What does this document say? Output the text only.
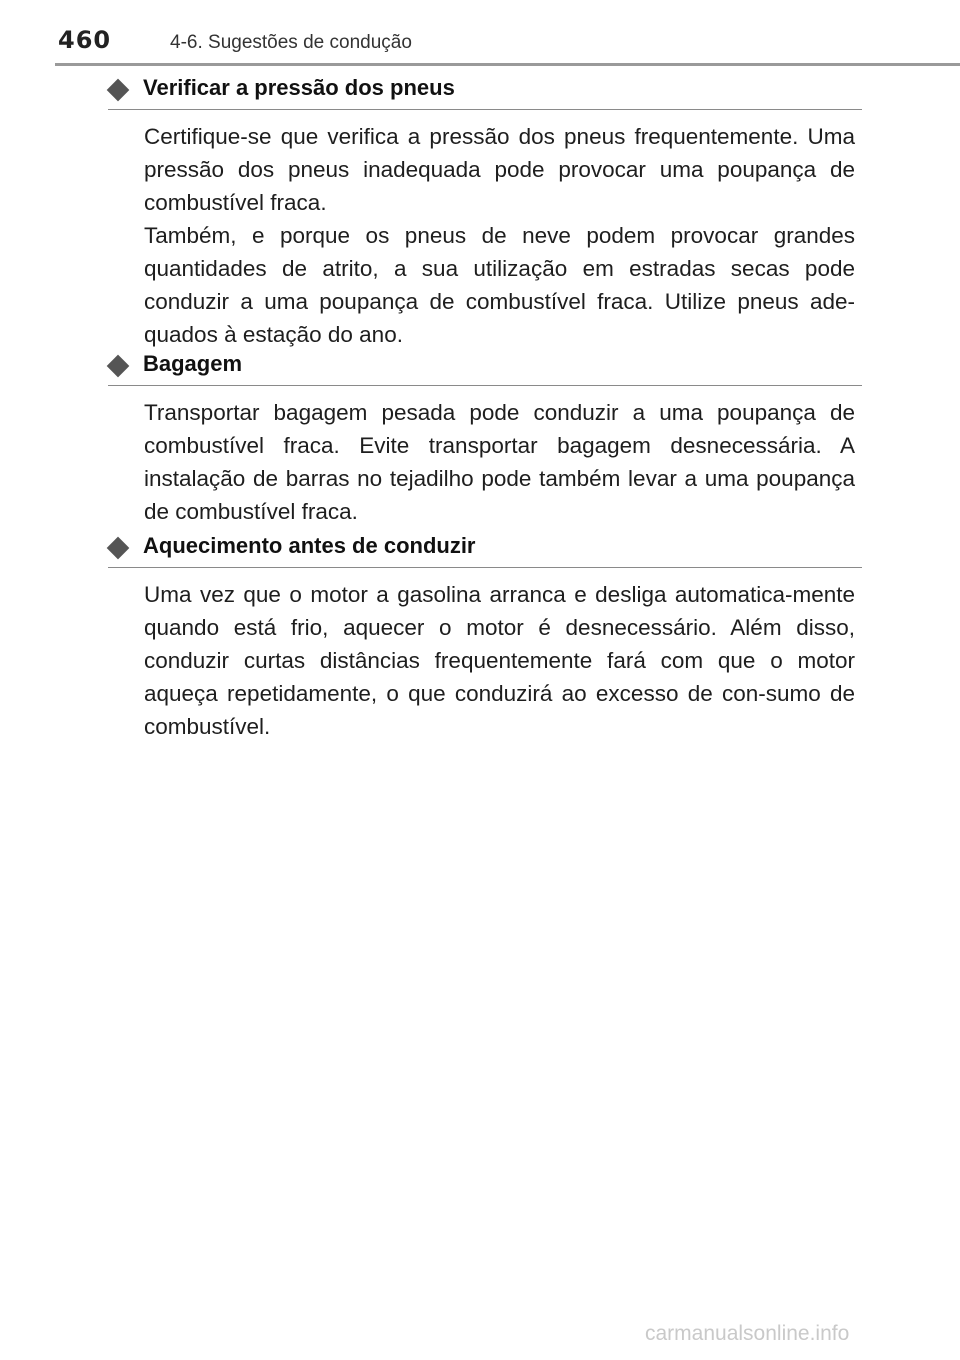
460	4-6. Sugestões de condução
Verificar a pressão dos pneus

Certifique-se que verifica a pressão dos pneus frequentemente. Uma pressão dos pneus inadequada pode provocar uma poupança de combustível fraca.

Também, e porque os pneus de neve podem provocar grandes quantidades de atrito, a sua utilização em estradas secas pode conduzir a uma poupança de combustível fraca. Utilize pneus ade-quados à estação do ano.

Bagagem

Transportar bagagem pesada pode conduzir a uma poupança de combustível fraca. Evite transportar bagagem desnecessária. A instalação de barras no tejadilho pode também levar a uma poupança de combustível fraca.

Aquecimento antes de conduzir

Uma vez que o motor a gasolina arranca e desliga automatica-mente quando está frio, aquecer o motor é desnecessário. Além disso, conduzir curtas distâncias frequentemente fará com que o motor aqueça repetidamente, o que conduzirá ao excesso de con-sumo de combustível.

carmanualsonline.info
